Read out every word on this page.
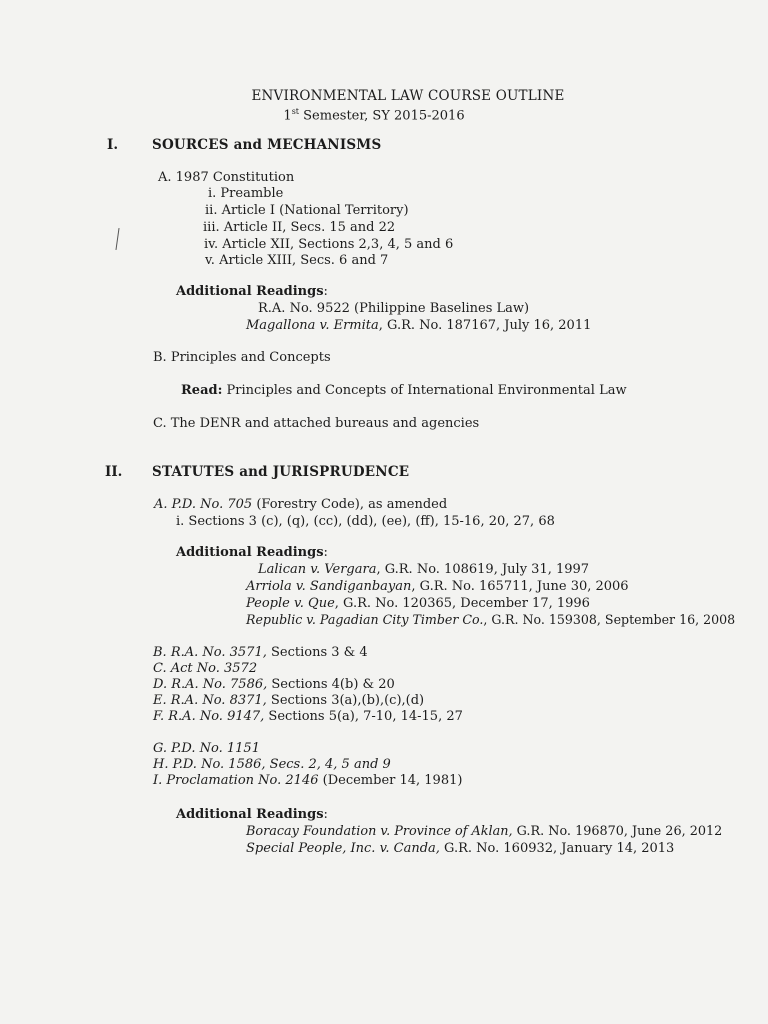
ENVIRONMENTAL LAW COURSE OUTLINE
1st Semester, SY 2015-2016
I.	SOURCES and MECHANISMS
A. 1987 Constitution
i. Preamble
ii. Article I (National Territory)
iii. Article II, Secs. 15 and 22
iv. Article XII, Sections 2,3, 4, 5 and 6
v. Article XIII, Secs. 6 and 7
Additional Readings:
R.A. No. 9522 (Philippine Baselines Law)
Magallona v. Ermita, G.R. No. 187167, July 16, 2011
B. Principles and Concepts
Read: Principles and Concepts of International Environmental Law
C. The DENR and attached bureaus and agencies
II. STATUTES and JURISPRUDENCE
A. P.D. No. 705 (Forestry Code), as amended
i. Sections 3 (c), (q), (cc), (dd), (ee), (ff), 15-16, 20, 27, 68
Additional Readings:
Lalican v. Vergara, G.R. No. 108619, July 31, 1997
Arriola v. Sandiganbayan, G.R. No. 165711, June 30, 2006
People v. Que, G.R. No. 120365, December 17, 1996
Republic v. Pagadian City Timber Co., G.R. No. 159308, September 16, 2008
B. R.A. No. 3571, Sections 3 & 4
C. Act No. 3572
D. R.A. No. 7586, Sections 4(b) & 20
E. R.A. No. 8371, Sections 3(a),(b),(c),(d)
F. R.A. No. 9147, Sections 5(a), 7-10, 14-15, 27
G. P.D. No. 1151
H. P.D. No. 1586, Secs. 2, 4, 5 and 9
I. Proclamation No. 2146 (December 14, 1981)
Additional Readings:
Boracay Foundation v. Province of Aklan, G.R. No. 196870, June 26, 2012
Special People, Inc. v. Canda, G.R. No. 160932, January 14, 2013
